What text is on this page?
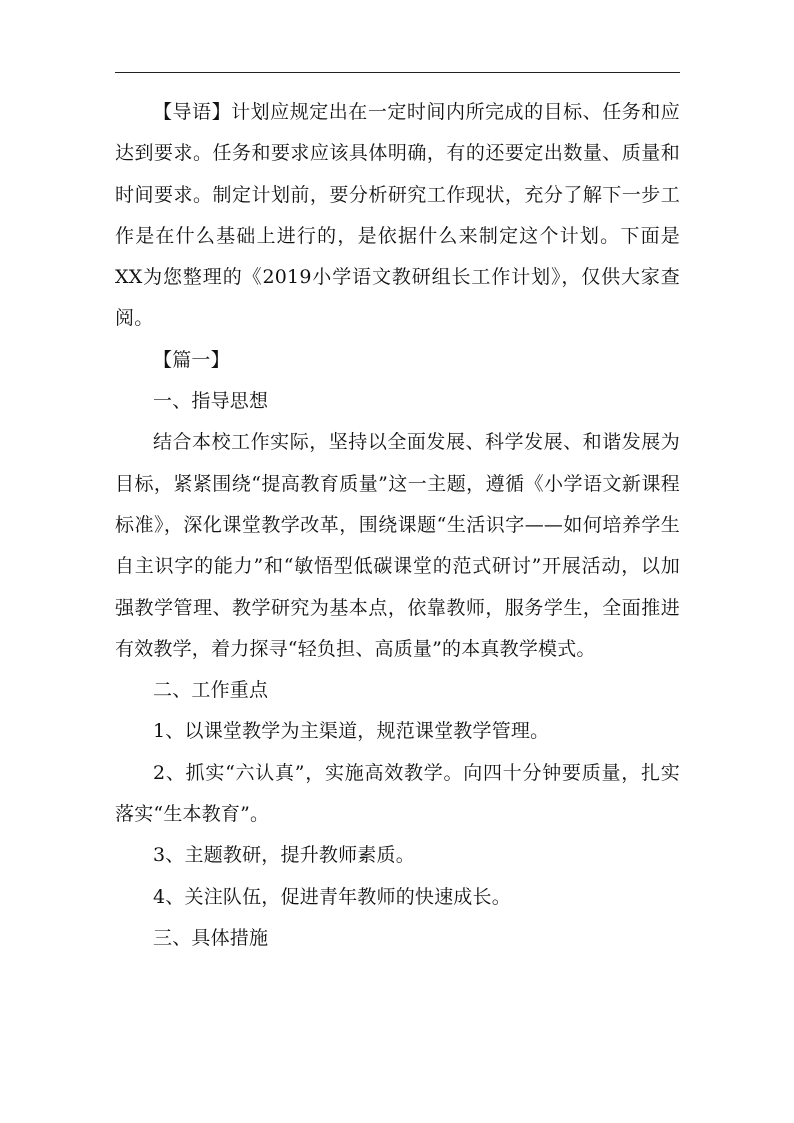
【导语】计划应规定出在一定时间内所完成的目标、任务和应达到要求。任务和要求应该具体明确，有的还要定出数量、质量和时间要求。制定计划前，要分析研究工作现状，充分了解下一步工作是在什么基础上进行的，是依据什么来制定这个计划。下面是XX为您整理的《2019小学语文教研组长工作计划》，仅供大家查阅。

【篇一】

一、指导思想

结合本校工作实际，坚持以全面发展、科学发展、和谐发展为目标，紧紧围绕“提高教育质量”这一主题，遵循《小学语文新课程标准》，深化课堂教学改革，围绕课题“生活识字——如何培养学生自主识字的能力”和“敏悟型低碳课堂的范式研讨”开展活动，以加强教学管理、教学研究为基本点，依靠教师，服务学生，全面推进有效教学，着力探寻“轻负担、高质量”的本真教学模式。

二、工作重点

1、以课堂教学为主渠道，规范课堂教学管理。

2、抓实“六认真”，实施高效教学。向四十分钟要质量，扎实落实“生本教育”。

3、主题教研，提升教师素质。

4、关注队伍，促进青年教师的快速成长。

三、具体措施
